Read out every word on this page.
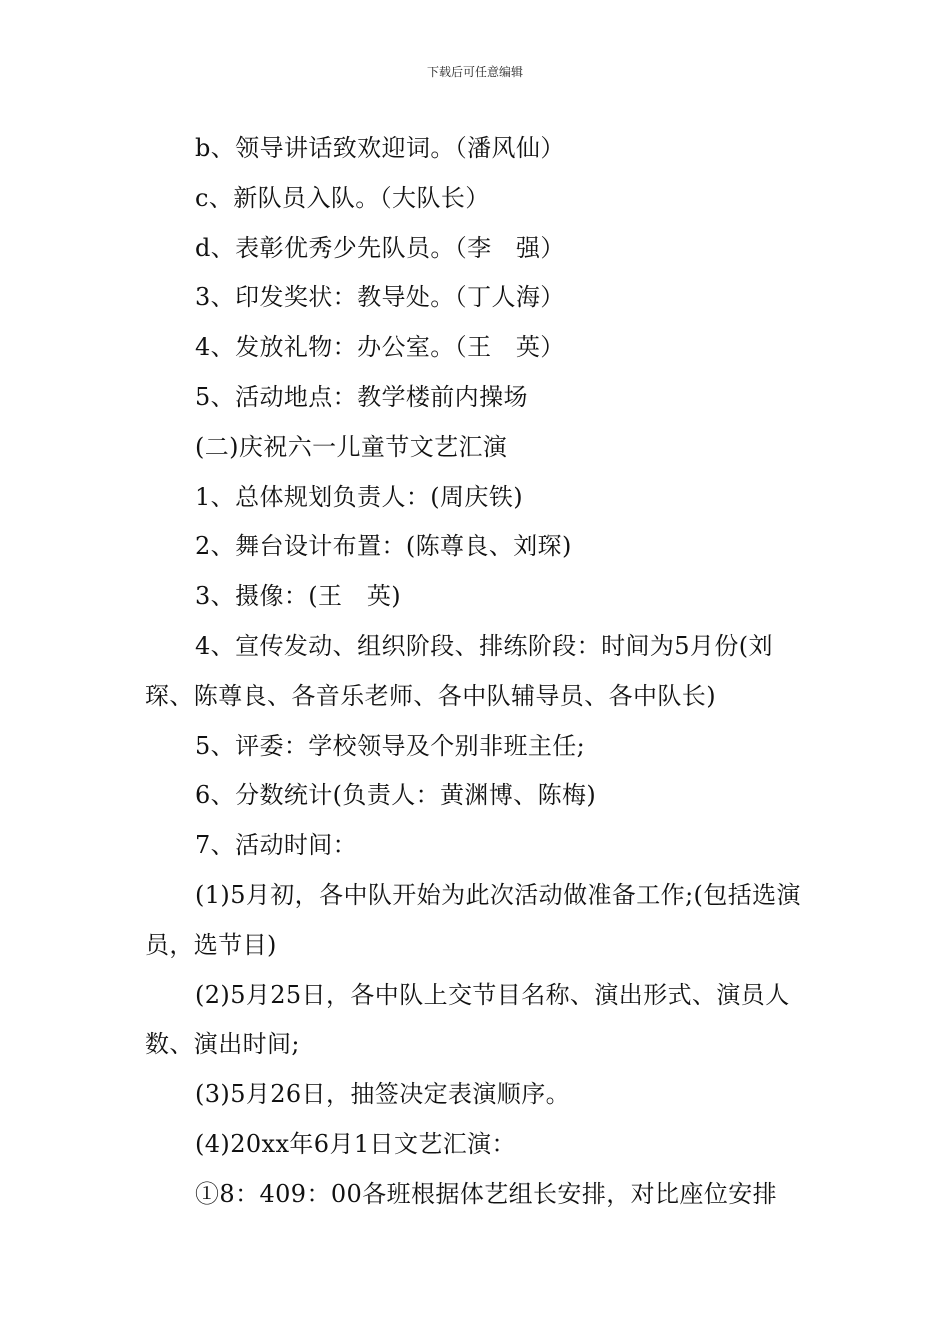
下载后可任意编辑

b、领导讲话致欢迎词。（潘风仙）

c、新队员入队。（大队长）

d、表彰优秀少先队员。（李　强）

3、印发奖状：教导处。（丁人海）

4、发放礼物：办公室。（王　英）

5、活动地点：教学楼前内操场

(二)庆祝六一儿童节文艺汇演

1、总体规划负责人：(周庆铁)

2、舞台设计布置：(陈尊良、刘琛)

3、摄像：(王　英)

4、宣传发动、组织阶段、排练阶段：时间为5月份(刘琛、陈尊良、各音乐老师、各中队辅导员、各中队长)

5、评委：学校领导及个别非班主任;

6、分数统计(负责人：黄渊博、陈梅)

7、活动时间：

(1)5月初，各中队开始为此次活动做准备工作;(包括选演员，选节目)

(2)5月25日，各中队上交节目名称、演出形式、演员人数、演出时间;

(3)5月26日，抽签决定表演顺序。

(4)20xx年6月1日文艺汇演：

①8：409：00各班根据体艺组长安排，对比座位安排
